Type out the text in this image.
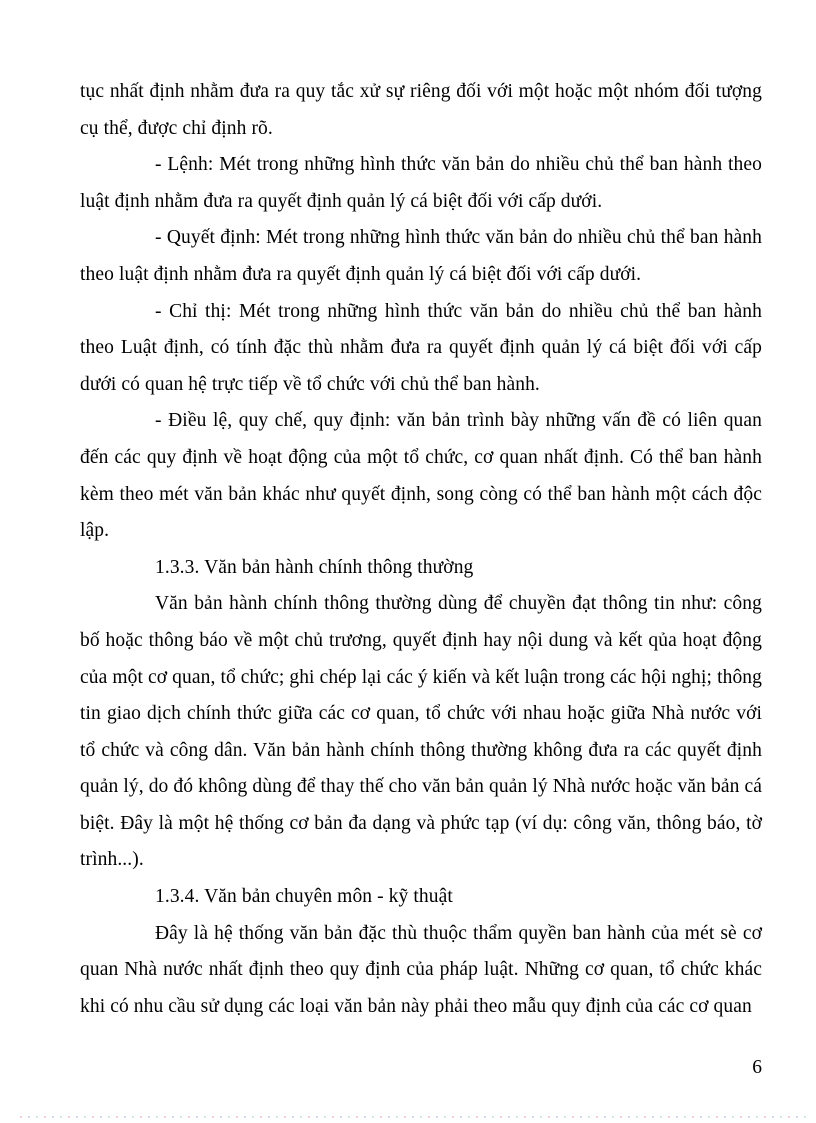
tục nhất định nhằm đưa ra quy tắc xử sự riêng đối với một hoặc một nhóm đối tượng cụ thể, được chỉ định rõ.

- Lệnh: Mét trong những hình thức văn bản do nhiều chủ thể ban hành theo luật định nhằm đưa ra quyết định quản lý cá biệt đối với cấp dưới.

- Quyết định: Mét trong những hình thức văn bản do nhiều chủ thể ban hành theo luật định nhằm đưa ra quyết định quản lý cá biệt đối với cấp dưới.

- Chỉ thị: Mét trong những hình thức văn bản do nhiều chủ thể ban hành theo Luật định, có tính đặc thù nhằm đưa ra quyết định quản lý cá biệt đối với cấp dưới có quan hệ trực tiếp về tổ chức với chủ thể ban hành.

- Điều lệ, quy chế, quy định: văn bản trình bày những vấn đề có liên quan đến các quy định về hoạt động của một tổ chức, cơ quan nhất định. Có thể ban hành kèm theo mét văn bản khác như quyết định, song còng có thể ban hành một cách độc lập.

1.3.3. Văn bản hành chính thông thường

Văn bản hành chính thông thường dùng để chuyền đạt thông tin như: công bố hoặc thông báo về một chủ trương, quyết định hay nội dung và kết qủa hoạt động của một cơ quan, tổ chức; ghi chép lại các ý kiến và kết luận trong các hội nghị; thông tin giao dịch chính thức giữa các cơ quan, tổ chức với nhau hoặc giữa Nhà nước với tổ chức và công dân. Văn bản hành chính thông thường không đưa ra các quyết định quản lý, do đó không dùng để thay thế cho văn bản quản lý Nhà nước hoặc văn bản cá biệt. Đây là một hệ thống cơ bản đa dạng và phức tạp (ví dụ: công văn, thông báo, tờ trình...).

1.3.4. Văn bản chuyên môn - kỹ thuật

Đây là hệ thống văn bản đặc thù thuộc thẩm quyền ban hành của mét sè cơ quan Nhà nước nhất định theo quy định của pháp luật. Những cơ quan, tổ chức khác khi có nhu cầu sử dụng các loại văn bản này phải theo mẫu quy định của các cơ quan

6
